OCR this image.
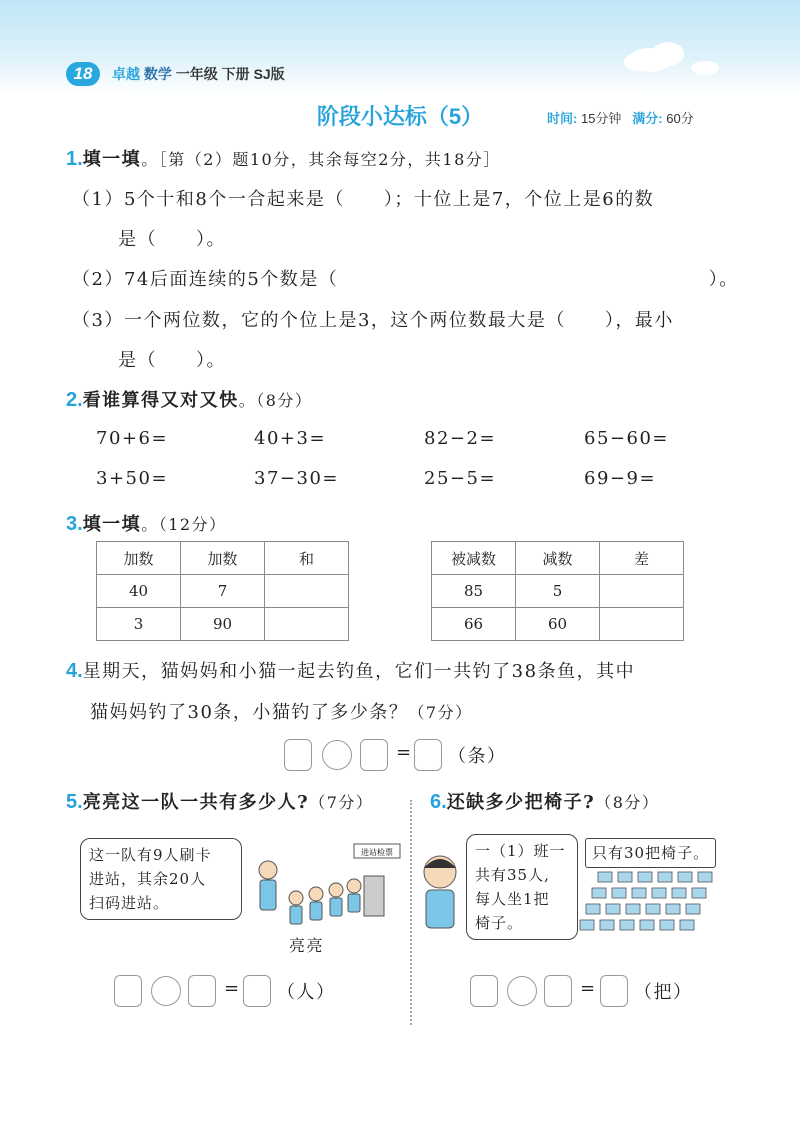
18	卓越 数学 一年级 下册 SJ版
阶段小达标（5）	时间: 15分钟 满分: 60分
1.填一填。［第（2）题10分，其余每空2分，共18分］
（1）5个十和8个一合起来是（　　）；十位上是7，个位上是6的数
是（　　）。
（2）74后面连续的5个数是（　　　　　　　　　　　　　　　　　　　）。
（3）一个两位数，它的个位上是3，这个两位数最大是（　　），最小
是（　　）。
2.看谁算得又对又快。（8分）
70+6=	40+3=	82−2=	65−60=
3+50=	37−30=	25−5=	69−9=
3.填一填。（12分）
加数	加数	和
40	7	
3	90	
被减数	减数	差
85	5	
66	60	
4.星期天，猫妈妈和小猫一起去钓鱼，它们一共钓了38条鱼，其中
猫妈妈钓了30条，小猫钓了多少条？（7分）
= （条）
5.亮亮这一队一共有多少人?（7分）
这一队有9人刷卡
进站，其余20人
扫码进站。
进站检票
亮亮
= （人）
6.还缺多少把椅子?（8分）
一（1）班一
共有35人,
每人坐1把
椅子。
只有30把椅子。
= （把）
